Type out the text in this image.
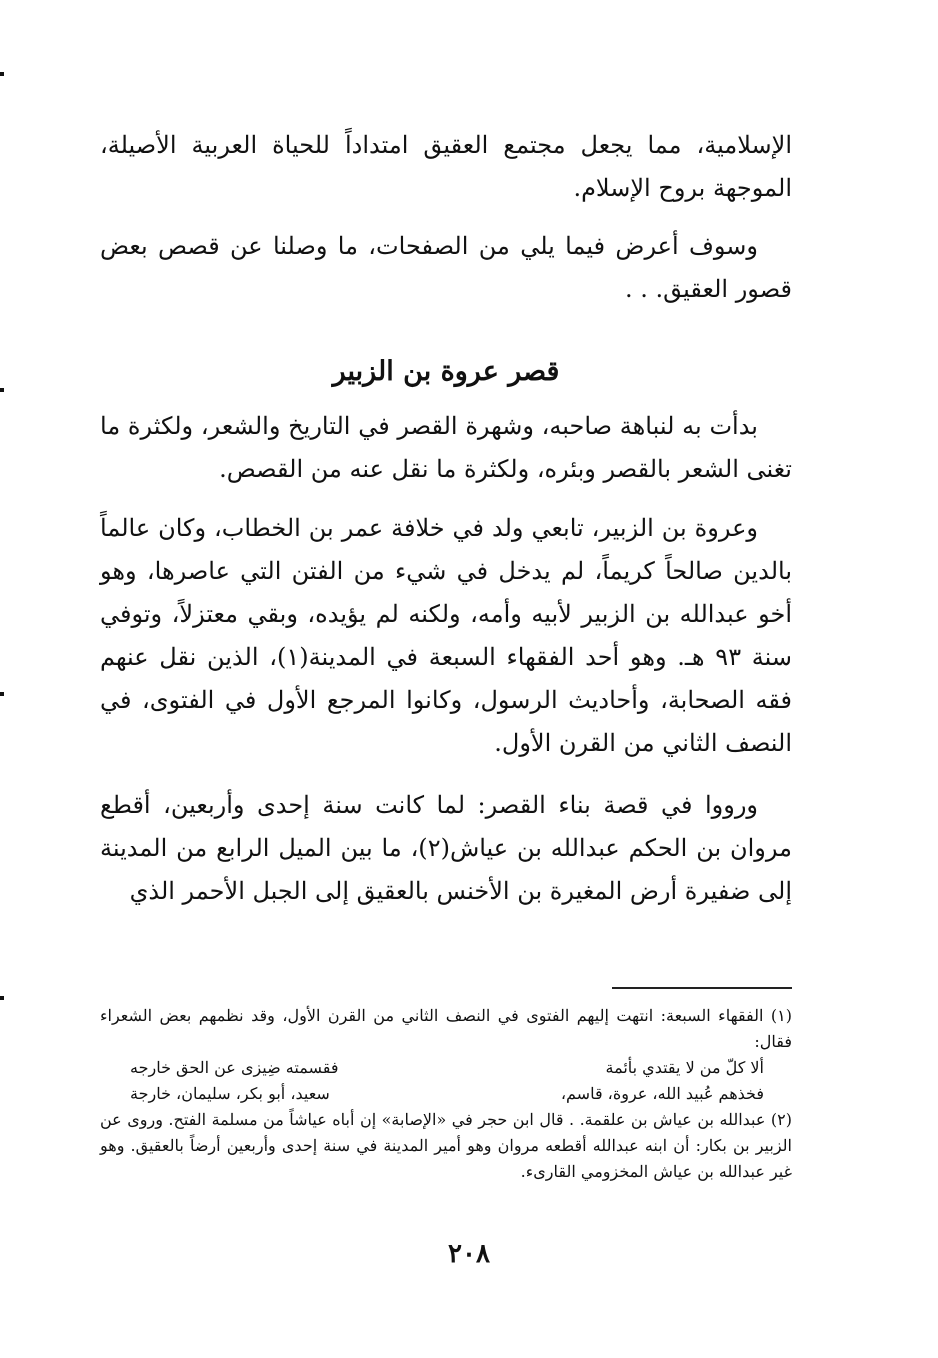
الإسلامية، مما يجعل مجتمع العقيق امتداداً للحياة العربية الأصيلة، الموجهة بروح الإسلام.

وسوف أعرض فيما يلي من الصفحات، ما وصلنا عن قصص بعض قصور العقيق. . .

قصر عروة بن الزبير

بدأت به لنباهة صاحبه، وشهرة القصر في التاريخ والشعر، ولكثرة ما تغنى الشعر بالقصر وبئره، ولكثرة ما نقل عنه من القصص.

وعروة بن الزبير، تابعي ولد في خلافة عمر بن الخطاب، وكان عالماً بالدين صالحاً كريماً، لم يدخل في شيء من الفتن التي عاصرها، وهو أخو عبدالله بن الزبير لأبيه وأمه، ولكنه لم يؤيده، وبقي معتزلاً، وتوفي سنة ٩٣ هـ. وهو أحد الفقهاء السبعة في المدينة(١)، الذين نقل عنهم فقه الصحابة، وأحاديث الرسول، وكانوا المرجع الأول في الفتوى، في النصف الثاني من القرن الأول.

ورووا في قصة بناء القصر: لما كانت سنة إحدى وأربعين، أقطع مروان بن الحكم عبدالله بن عياش(٢)، ما بين الميل الرابع من المدينة إلى ضفيرة أرض المغيرة بن الأخنس بالعقيق إلى الجبل الأحمر الذي

(١) الفقهاء السبعة: انتهت إليهم الفتوى في النصف الثاني من القرن الأول، وقد نظمهم بعض الشعراء فقال:

ألا كلّ من لا يقتدي بأئمة
فقسمته ضِيزى عن الحق خارجه
فخذهم عُبيد الله، عروة، قاسم،
سعيد، أبو بكر، سليمان، خارجة

(٢) عبدالله بن عياش بن علقمة. . قال ابن حجر في «الإصابة» إن أباه عياشاً من مسلمة الفتح. وروى عن الزبير بن بكار: أن ابنه عبدالله أقطعه مروان وهو أمير المدينة في سنة إحدى وأربعين أرضاً بالعقيق. وهو غير عبدالله بن عياش المخزومي القارىء.

٢٠٨
